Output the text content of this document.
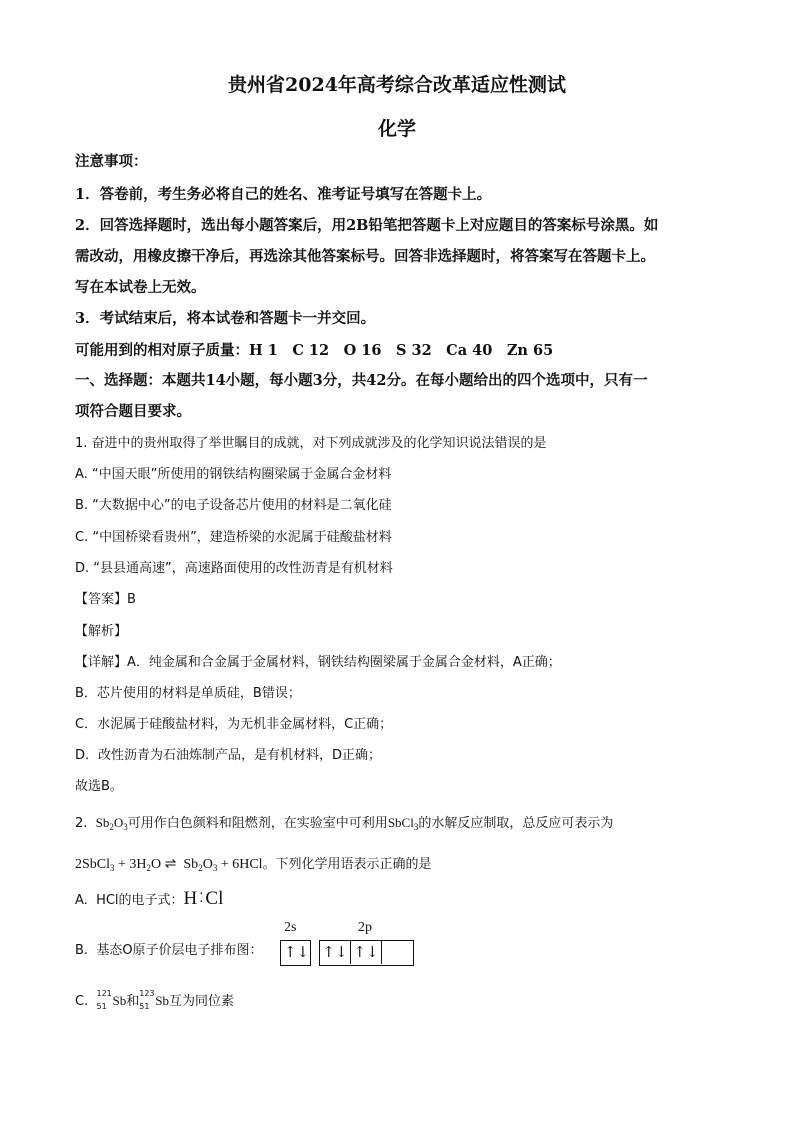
贵州省2024年高考综合改革适应性测试
化学
注意事项：
1．答卷前，考生务必将自己的姓名、准考证号填写在答题卡上。
2．回答选择题时，选出每小题答案后，用2B铅笔把答题卡上对应题目的答案标号涂黑。如
需改动，用橡皮擦干净后，再选涂其他答案标号。回答非选择题时，将答案写在答题卡上。
写在本试卷上无效。
3．考试结束后，将本试卷和答题卡一并交回。
可能用到的相对原子质量：H 1　C 12　O 16　S 32　Ca 40　Zn 65
一、选择题：本题共14小题，每小题3分，共42分。在每小题给出的四个选项中，只有一
项符合题目要求。
1. 奋进中的贵州取得了举世瞩目的成就，对下列成就涉及的化学知识说法错误的是
A. “中国天眼”所使用的钢铁结构圈梁属于金属合金材料
B. “大数据中心”的电子设备芯片使用的材料是二氧化硅
C. “中国桥梁看贵州”，建造桥梁的水泥属于硅酸盐材料
D. “县县通高速”，高速路面使用的改性沥青是有机材料
【答案】B
【解析】
【详解】A．纯金属和合金属于金属材料，钢铁结构圈梁属于金属合金材料，A正确；
B．芯片使用的材料是单质硅，B错误；
C．水泥属于硅酸盐材料，为无机非金属材料，C正确；
D．改性沥青为石油炼制产品，是有机材料，D正确；
故选B。
2. $Sb_2O_3$可用作白色颜料和阻燃剂，在实验室中可利用SbCl$_3$的水解反应制取，总反应可表示为
2SbCl$_3$ + $3H_2O$ ⇌  $Sb_2O_3 + 6HCl$。下列化学用语表示正确的是
A. HCl的电子式：H ⁚ Cl
B. 基态O原子价层电子排布图：
2s	2p
↑↓ ↑↓ ↑↓
C.
121
51 Sb和
123
51 Sb互为同位素
